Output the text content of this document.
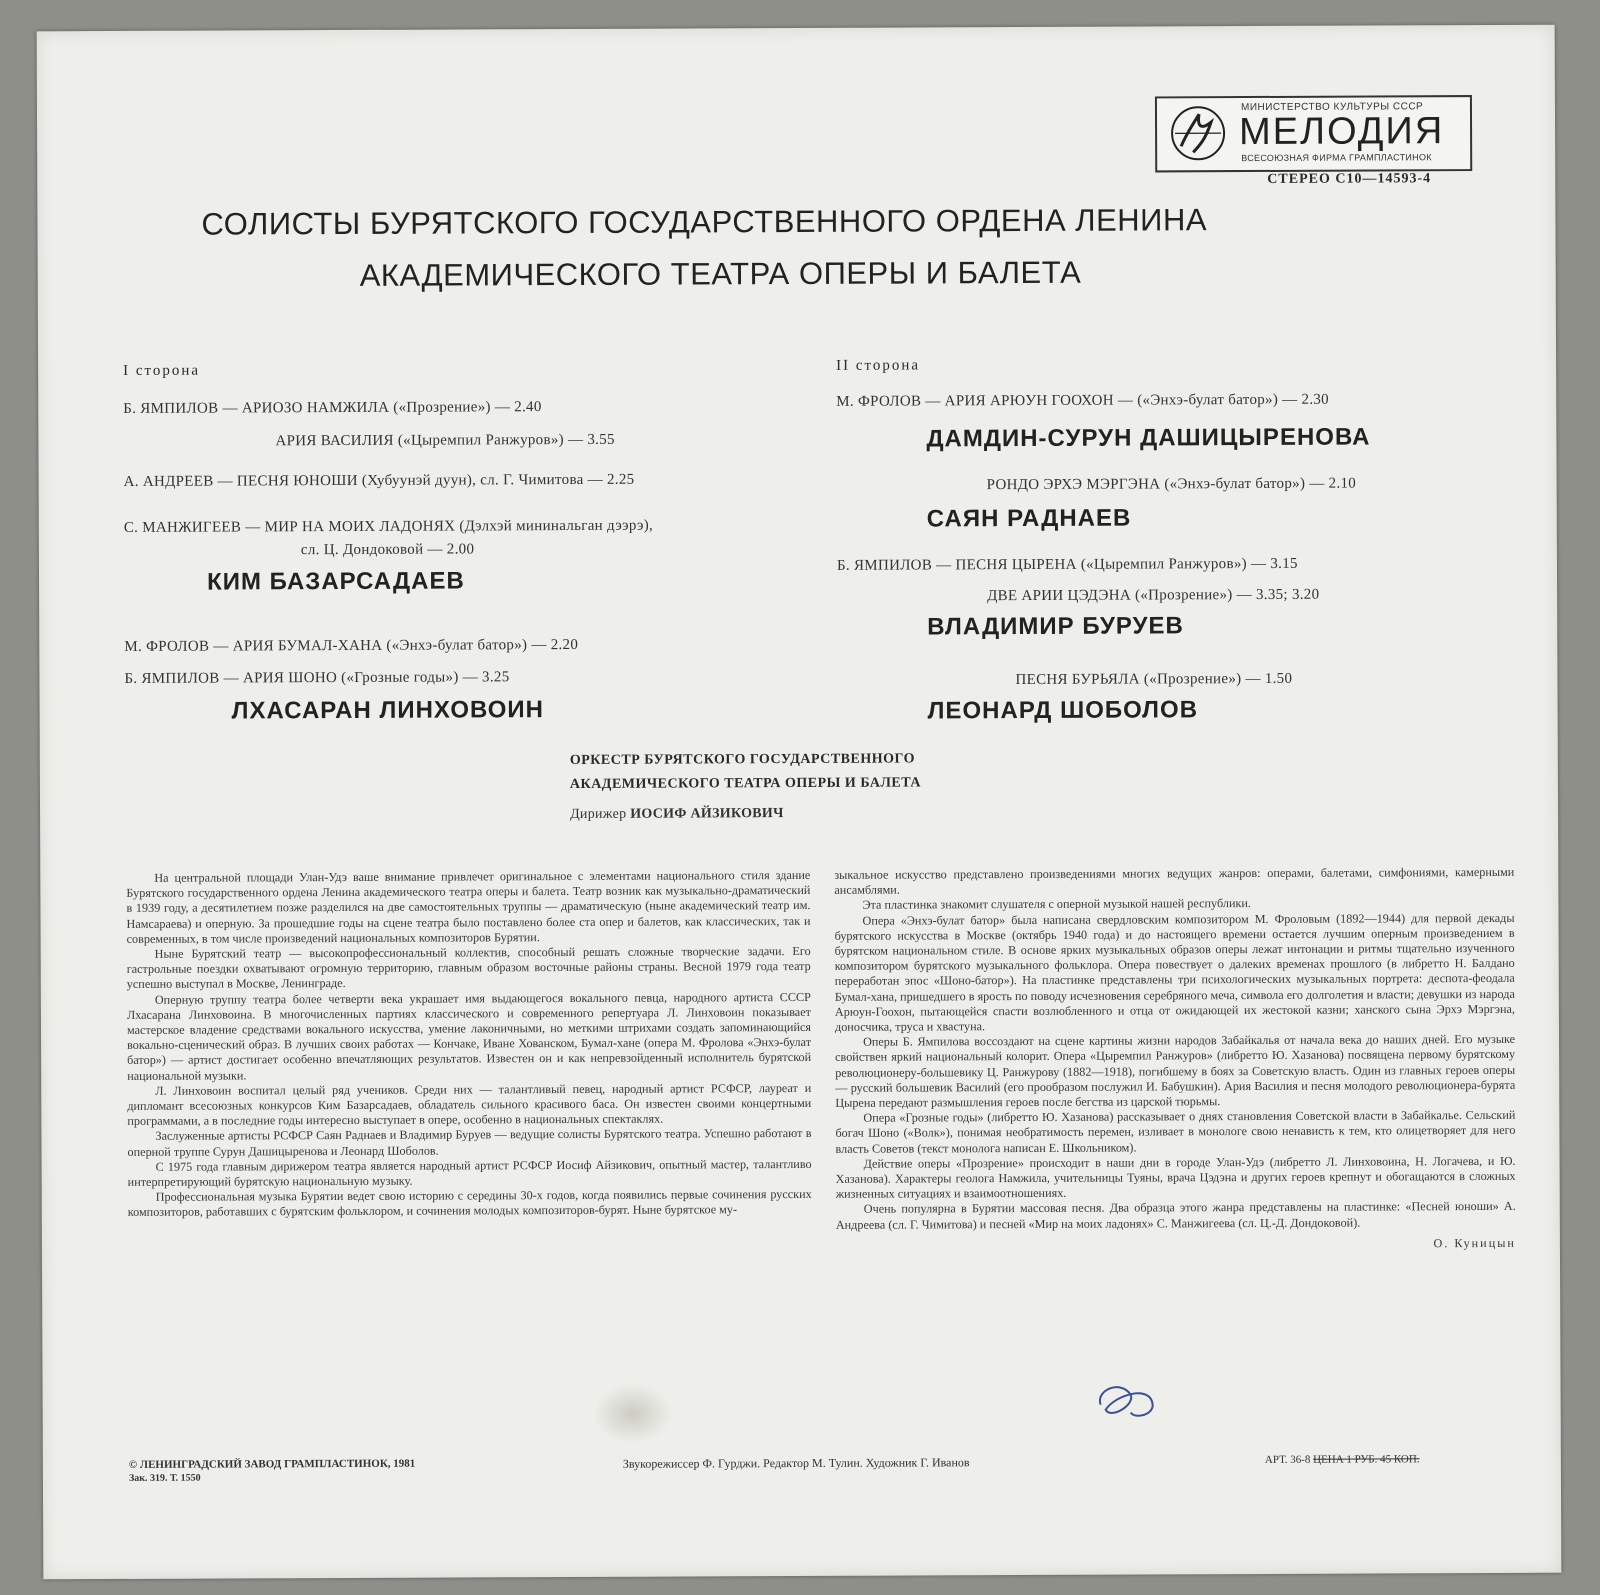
МИНИСТЕРСТВО КУЛЬТУРЫ СССР
МЕЛОДИЯ
ВСЕСОЮЗНАЯ ФИРМА ГРАМПЛАСТИНОК
СТЕРЕО С10—14593-4
СОЛИСТЫ БУРЯТСКОГО ГОСУДАРСТВЕННОГО ОРДЕНА ЛЕНИНА
АКАДЕМИЧЕСКОГО ТЕАТРА ОПЕРЫ И БАЛЕТА
I сторона
Б. ЯМПИЛОВ — АРИОЗО НАМЖИЛА («Прозрение») — 2.40
АРИЯ ВАСИЛИЯ («Цыремпил Ранжуров») — 3.55
А. АНДРЕЕВ — ПЕСНЯ ЮНОШИ (Хубуунэй дуун), сл. Г. Чимитова — 2.25
С. МАНЖИГЕЕВ — МИР НА МОИХ ЛАДОНЯХ (Дэлхэй мининальган дээрэ),
сл. Ц. Дондоковой — 2.00
КИМ БАЗАРСАДАЕВ
М. ФРОЛОВ — АРИЯ БУМАЛ-ХАНА («Энхэ-булат батор») — 2.20
Б. ЯМПИЛОВ — АРИЯ ШОНО («Грозные годы») — 3.25
ЛХАСАРАН ЛИНХОВОИН
II сторона
М. ФРОЛОВ — АРИЯ АРЮУН ГООХОН — («Энхэ-булат батор») — 2.30
ДАМДИН-СУРУН ДАШИЦЫРЕНОВА
РОНДО ЭРХЭ МЭРГЭНА («Энхэ-булат батор») — 2.10
САЯН РАДНАЕВ
Б. ЯМПИЛОВ — ПЕСНЯ ЦЫРЕНА («Цыремпил Ранжуров») — 3.15
ДВЕ АРИИ ЦЭДЭНА («Прозрение») — 3.35; 3.20
ВЛАДИМИР БУРУЕВ
ПЕСНЯ БУРЬЯЛА («Прозрение») — 1.50
ЛЕОНАРД ШОБОЛОВ
ОРКЕСТР БУРЯТСКОГО ГОСУДАРСТВЕННОГО
АКАДЕМИЧЕСКОГО ТЕАТРА ОПЕРЫ И БАЛЕТА
Дирижер ИОСИФ АЙЗИКОВИЧ

На центральной площади Улан-Удэ ваше внимание привлечет оригинальное с элементами национального стиля здание Бурятского государственного ордена Ленина академического театра оперы и балета. Театр возник как музыкально-драматический в 1939 году, а десятилетием позже разделился на две самостоятельных труппы — драматическую (ныне академический театр им. Намсараева) и оперную. За прошедшие годы на сцене театра было поставлено более ста опер и балетов, как классических, так и современных, в том числе произведений национальных композиторов Бурятии.

Ныне Бурятский театр — высокопрофессиональный коллектив, способный решать сложные творческие задачи. Его гастрольные поездки охватывают огромную территорию, главным образом восточные районы страны. Весной 1979 года театр успешно выступал в Москве, Ленинграде.

Оперную труппу театра более четверти века украшает имя выдающегося вокального певца, народного артиста СССР Лхасарана Линховоина. В многочисленных партиях классического и современного репертуара Л. Линховоин показывает мастерское владение средствами вокального искусства, умение лаконичными, но меткими штрихами создать запоминающийся вокально-сценический образ. В лучших своих работах — Кончаке, Иване Хованском, Бумал-хане (опера М. Фролова «Энхэ-булат батор») — артист достигает особенно впечатляющих результатов. Известен он и как непревзойденный исполнитель бурятской национальной музыки.

Л. Линховоин воспитал целый ряд учеников. Среди них — талантливый певец, народный артист РСФСР, лауреат и дипломант всесоюзных конкурсов Ким Базарсадаев, обладатель сильного красивого баса. Он известен своими концертными программами, а в последние годы интересно выступает в опере, особенно в национальных спектаклях.

Заслуженные артисты РСФСР Саян Раднаев и Владимир Буруев — ведущие солисты Бурятского театра. Успешно работают в оперной труппе Сурун Дашицыренова и Леонард Шоболов.

С 1975 года главным дирижером театра является народный артист РСФСР Иосиф Айзикович, опытный мастер, талантливо интерпретирующий бурятскую национальную музыку.

Профессиональная музыка Бурятии ведет свою историю с середины 30-х годов, когда появились первые сочинения русских композиторов, работавших с бурятским фольклором, и сочинения молодых композиторов-бурят. Ныне бурятское му-

зыкальное искусство представлено произведениями многих ведущих жанров: операми, балетами, симфониями, камерными ансамблями.

Эта пластинка знакомит слушателя с оперной музыкой нашей республики.

Опера «Энхэ-булат батор» была написана свердловским композитором М. Фроловым (1892—1944) для первой декады бурятского искусства в Москве (октябрь 1940 года) и до настоящего времени остается лучшим оперным произведением в бурятском национальном стиле. В основе ярких музыкальных образов оперы лежат интонации и ритмы тщательно изученного композитором бурятского музыкального фольклора. Опера повествует о далеких временах прошлого (в либретто Н. Балдано переработан эпос «Шоно-батор»). На пластинке представлены три психологических музыкальных портрета: деспота-феодала Бумал-хана, пришедшего в ярость по поводу исчезновения серебряного меча, символа его долголетия и власти; девушки из народа Арюун-Гоохон, пытающейся спасти возлюбленного и отца от ожидающей их жестокой казни; ханского сына Эрхэ Мэргэна, доносчика, труса и хвастуна.

Оперы Б. Ямпилова воссоздают на сцене картины жизни народов Забайкалья от начала века до наших дней. Его музыке свойствен яркий национальный колорит. Опера «Цыремпил Ранжуров» (либретто Ю. Хазанова) посвящена первому бурятскому революционеру-большевику Ц. Ранжурову (1882—1918), погибшему в боях за Советскую власть. Один из главных героев оперы — русский большевик Василий (его прообразом послужил И. Бабушкин). Ария Василия и песня молодого революционера-бурята Цырена передают размышления героев после бегства из царской тюрьмы.

Опера «Грозные годы» (либретто Ю. Хазанова) рассказывает о днях становления Советской власти в Забайкалье. Сельский богач Шоно («Волк»), понимая необратимость перемен, изливает в монологе свою ненависть к тем, кто олицетворяет для него власть Советов (текст монолога написан Е. Школьником).

Действие оперы «Прозрение» происходит в наши дни в городе Улан-Удэ (либретто Л. Линховоина, Н. Логачева, и Ю. Хазанова). Характеры геолога Намжила, учительницы Туяны, врача Цэдэна и других героев крепнут и обогащаются в сложных жизненных ситуациях и взаимоотношениях.

Очень популярна в Бурятии массовая песня. Два образца этого жанра представлены на пластинке: «Песней юноши» А. Андреева (сл. Г. Чимитова) и песней «Мир на моих ладонях» С. Манжигеева (сл. Ц.-Д. Дондоковой).

О. Куницын

© ЛЕНИНГРАДСКИЙ ЗАВОД ГРАМПЛАСТИНОК, 1981
Зак. 319. Т. 1550
Звукорежиссер Ф. Гурджи. Редактор М. Тулин. Художник Г. Иванов	АРТ. 36-8 ЦЕНА 1 РУБ. 45 КОП.
